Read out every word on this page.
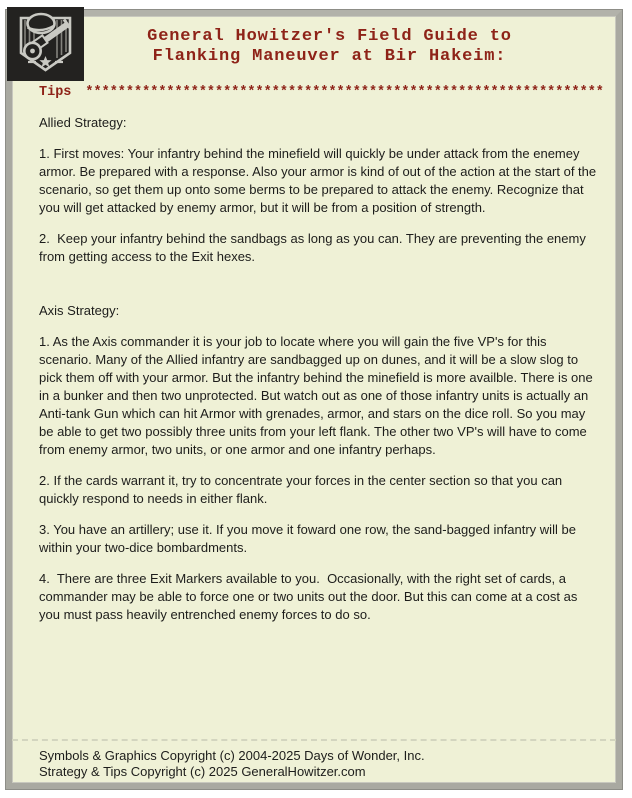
General Howitzer's Field Guide to
Flanking Maneuver at Bir Hakeim:
Tips ****************************************************************
Allied Strategy:

1. First moves: Your infantry behind the minefield will quickly be under attack from the enemey armor. Be prepared with a response. Also your armor is kind of out of the action at the start of the scenario, so get them up onto some berms to be prepared to attack the enemy. Recognize that you will get attacked by enemy armor, but it will be from a position of strength.

2.  Keep your infantry behind the sandbags as long as you can. They are preventing the enemy from getting access to the Exit hexes.

Axis Strategy:

1. As the Axis commander it is your job to locate where you will gain the five VP's for this scenario. Many of the Allied infantry are sandbagged up on dunes, and it will be a slow slog to pick them off with your armor. But the infantry behind the minefield is more availble. There is one in a bunker and then two unprotected. But watch out as one of those infantry units is actually an Anti-tank Gun which can hit Armor with grenades, armor, and stars on the dice roll. So you may be able to get two possibly three units from your left flank. The other two VP's will have to come from enemy armor, two units, or one armor and one infantry perhaps.

2. If the cards warrant it, try to concentrate your forces in the center section so that you can quickly respond to needs in either flank.

3. You have an artillery; use it. If you move it foward one row, the sand-bagged infantry will be within your two-dice bombardments.

4.  There are three Exit Markers available to you.  Occasionally, with the right set of cards, a commander may be able to force one or two units out the door. But this can come at a cost as you must pass heavily entrenched enemy forces to do so.

Symbols & Graphics Copyright (c) 2004-2025 Days of Wonder, Inc.
Strategy & Tips Copyright (c) 2025 GeneralHowitzer.com
